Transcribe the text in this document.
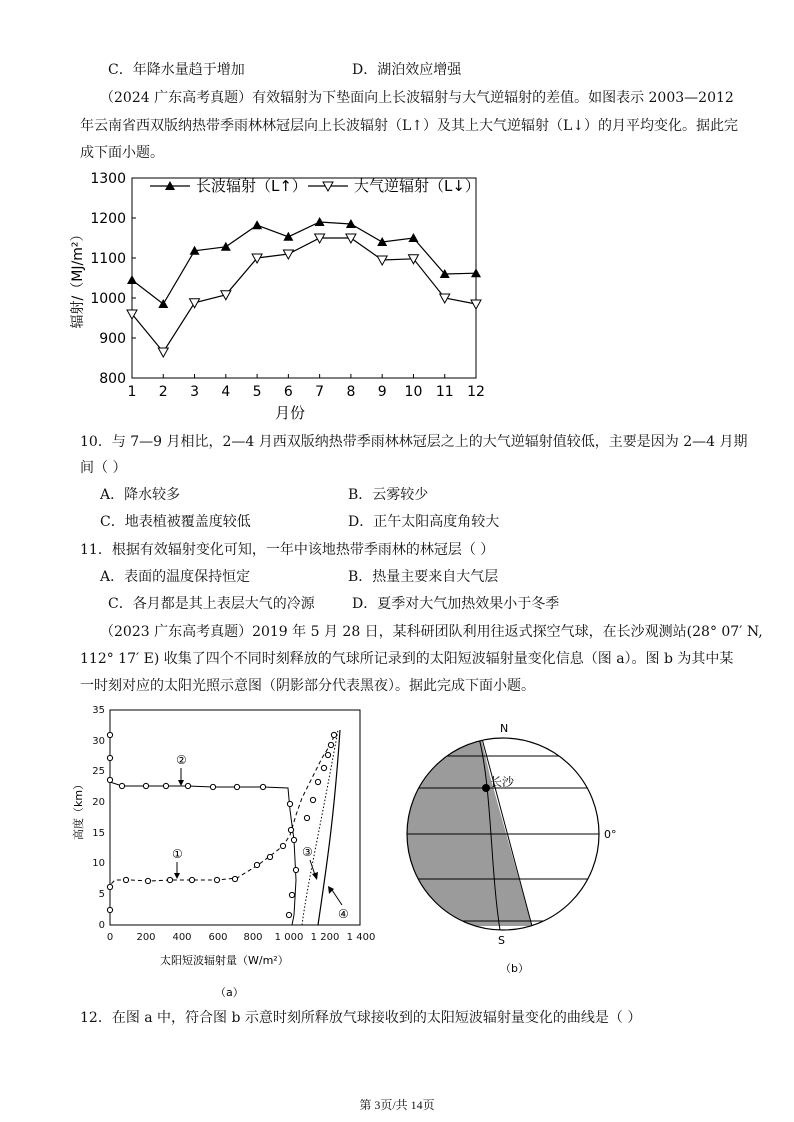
C．年降水量趋于增加	D．湖泊效应增强
（2024 广东高考真题）有效辐射为下垫面向上长波辐射与大气逆辐射的差值。如图表示 2003—2012
年云南省西双版纳热带季雨林林冠层向上长波辐射（L↑）及其上大气逆辐射（L↓）的月平均变化。据此完
成下面小题。
800
900
1000
1100
1200
1300
1 2 3 4 5 6 7 8 9 10 11 12
月份
辐射/（MJ/m²）
长波辐射（L↑）	大气逆辐射（L↓）
10．与 7—9 月相比，2—4 月西双版纳热带季雨林林冠层之上的大气逆辐射值较低，主要是因为 2—4 月期
间（ ）
A．降水较多	B．云雾较少
C．地表植被覆盖度较低	D．正午太阳高度角较大
11．根据有效辐射变化可知，一年中该地热带季雨林的林冠层（ ）
A．表面的温度保持恒定	B．热量主要来自大气层
C．各月都是其上表层大气的冷源	D．夏季对大气加热效果小于冬季
（2023 广东高考真题）2019 年 5 月 28 日，某科研团队利用往返式探空气球，在长沙观测站(28° 07′ N,
112° 17′ E) 收集了四个不同时刻释放的气球所记录到的太阳短波辐射量变化信息（图 a）。图 b 为其中某
一时刻对应的太阳光照示意图（阴影部分代表黑夜）。据此完成下面小题。
0
5
10
15
20
25
30
35
0 200 400 600 800 1 000 1 200 1 400
高度（km）
太阳短波辐射量（W/m²）
（a）
②
①	③
④
长沙
N
S
0°
（b）
12．在图 a 中，符合图 b 示意时刻所释放气球接收到的太阳短波辐射量变化的曲线是（ ）
第 3页/共 14页
